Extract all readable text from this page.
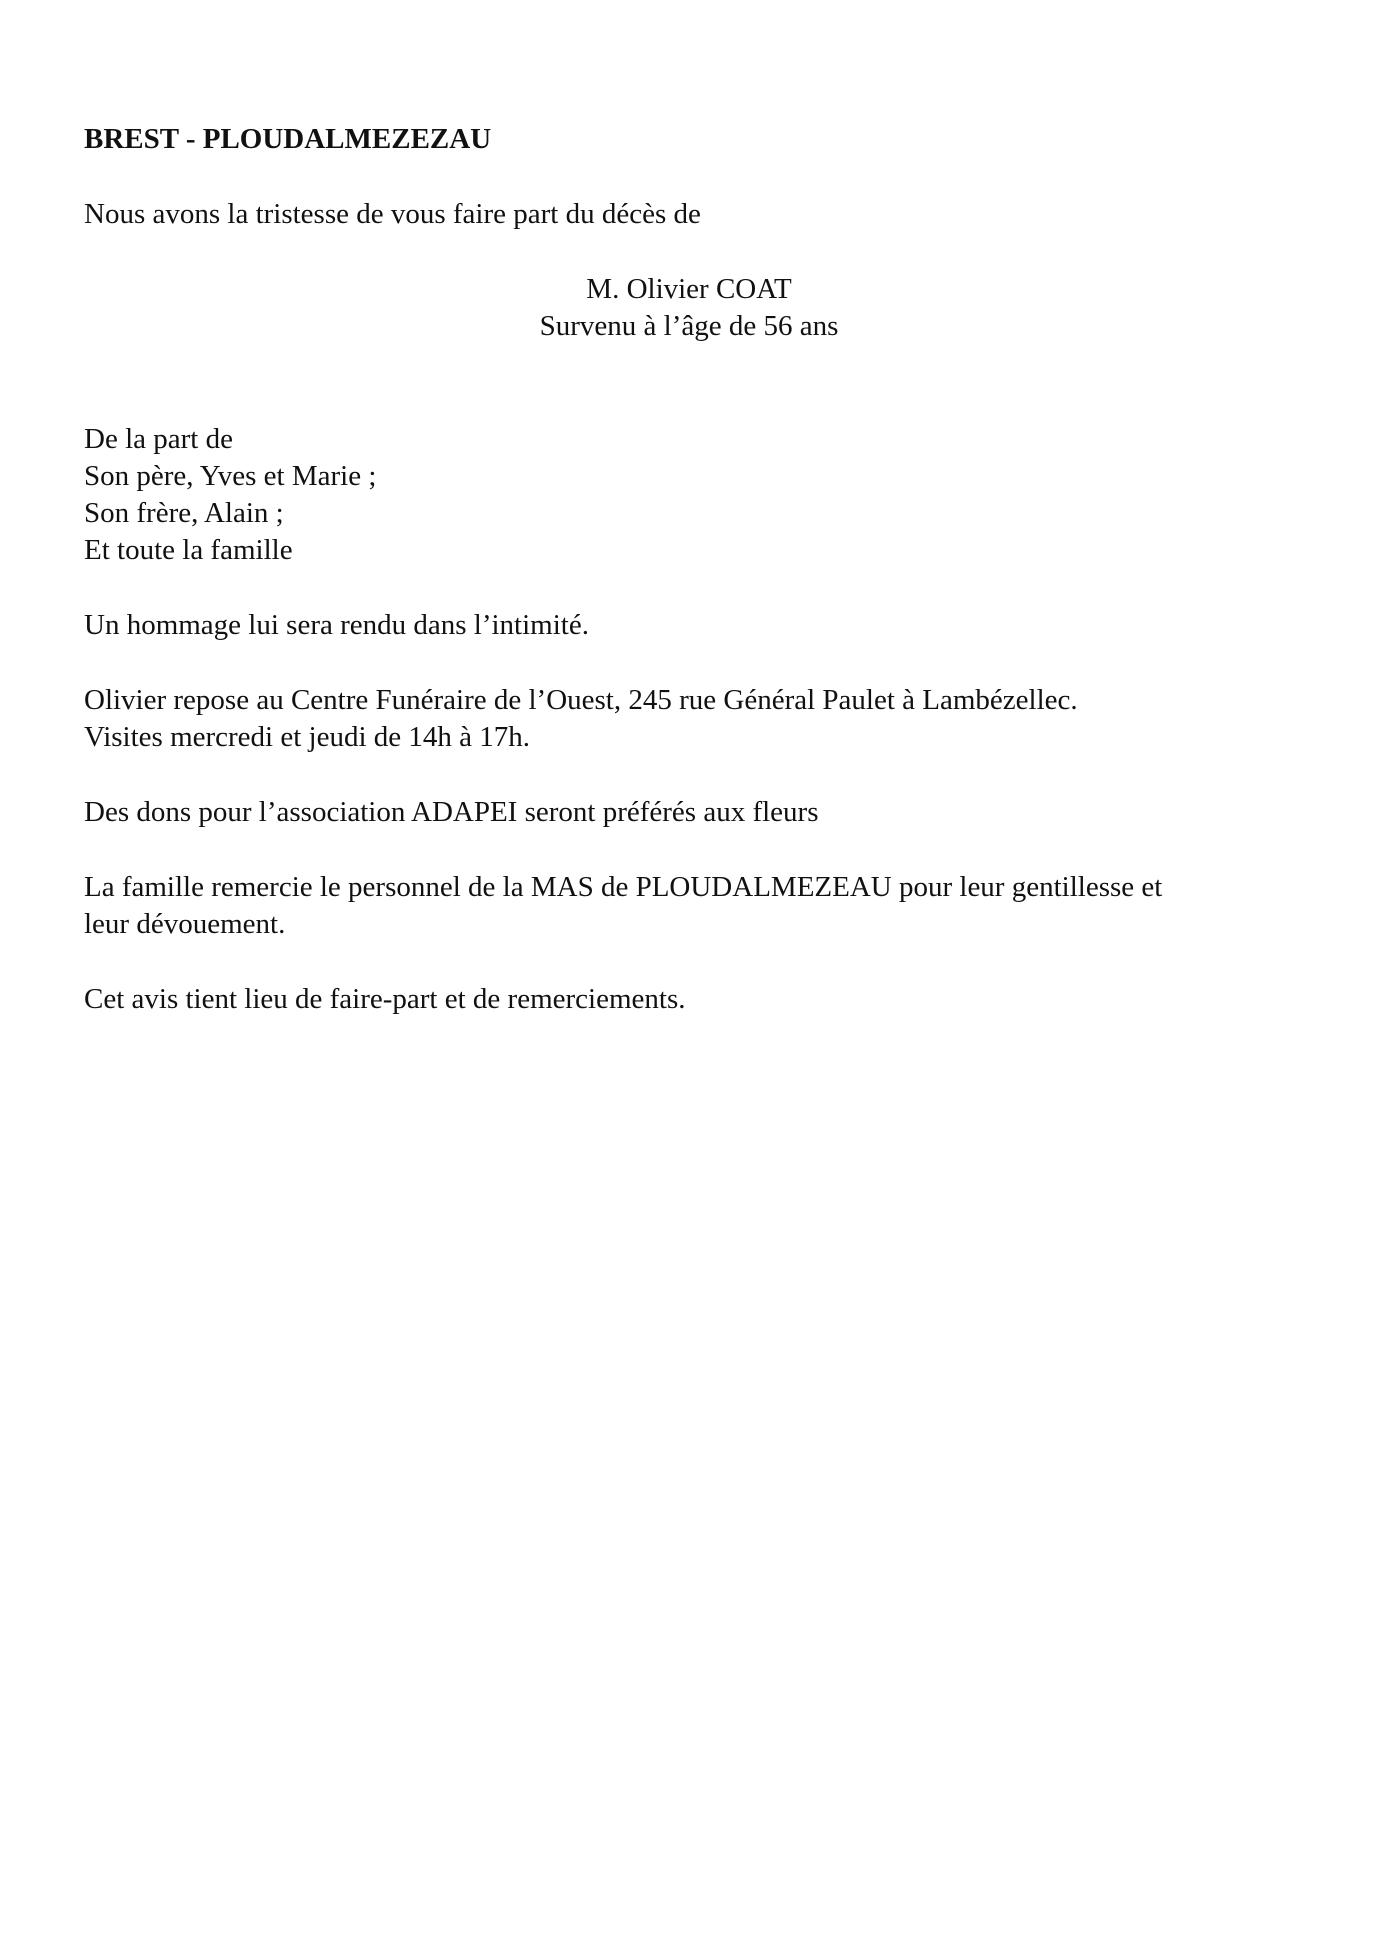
BREST - PLOUDALMEZEZAU

Nous avons la tristesse de vous faire part du décès de

M. Olivier COAT
Survenu à l’âge de 56 ans
De la part de
Son père, Yves et Marie ;
Son frère, Alain ;
Et toute la famille

Un hommage lui sera rendu dans l’intimité.

Olivier repose au Centre Funéraire de l’Ouest, 245 rue Général Paulet à Lambézellec.
Visites mercredi et jeudi de 14h à 17h.

Des dons pour l’association ADAPEI seront préférés aux fleurs

La famille remercie le personnel de la MAS de PLOUDALMEZEAU pour leur gentillesse et
leur dévouement.

Cet avis tient lieu de faire-part et de remerciements.
